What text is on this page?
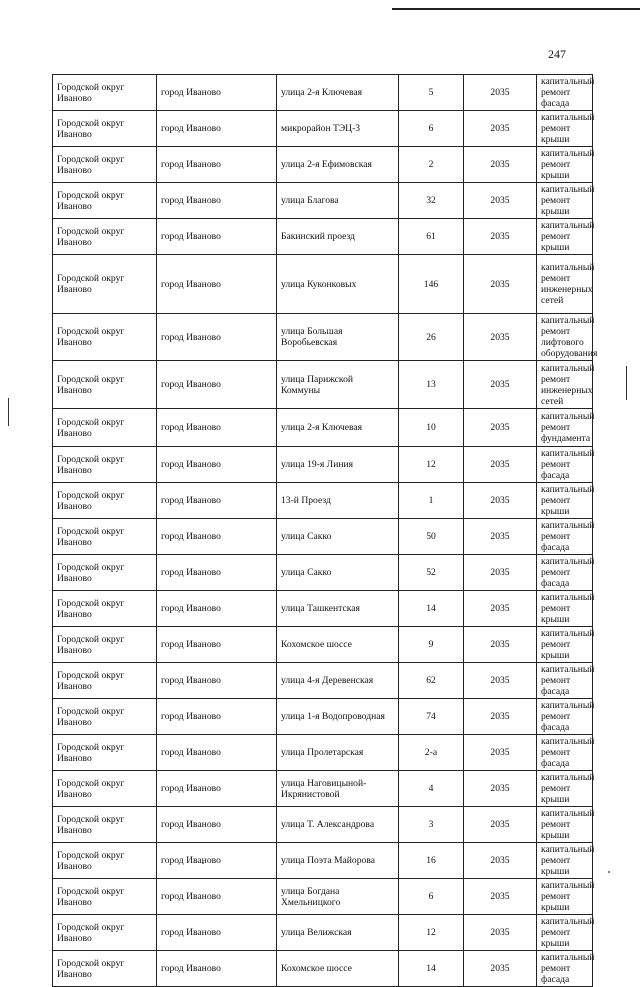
247
Городской округ Иваново	город Иваново	улица 2-я Ключевая	5	2035	капитальный ремонт фасада
Городской округ Иваново	город Иваново	микрорайон ТЭЦ-3	6	2035	капитальный ремонт крыши
Городской округ Иваново	город Иваново	улица 2-я Ефимовская	2	2035	капитальный ремонт крыши
Городской округ Иваново	город Иваново	улица Благова	32	2035	капитальный ремонт крыши
Городской округ Иваново	город Иваново	Бакинский проезд	61	2035	капитальный ремонт крыши
Городской округ Иваново	город Иваново	улица Куконковых	146	2035	капитальный ремонт инженерных сетей
Городской округ Иваново	город Иваново	улица Большая Воробьевская	26	2035	капитальный ремонт лифтового оборудования
Городской округ Иваново	город Иваново	улица Парижской Коммуны	13	2035	капитальный ремонт инженерных сетей
Городской округ Иваново	город Иваново	улица 2-я Ключевая	10	2035	капитальный ремонт фундамента
Городской округ Иваново	город Иваново	улица 19-я Линия	12	2035	капитальный ремонт фасада
Городской округ Иваново	город Иваново	13-й Проезд	1	2035	капитальный ремонт крыши
Городской округ Иваново	город Иваново	улица Сакко	50	2035	капитальный ремонт фасада
Городской округ Иваново	город Иваново	улица Сакко	52	2035	капитальный ремонт фасада
Городской округ Иваново	город Иваново	улица Ташкентская	14	2035	капитальный ремонт крыши
Городской округ Иваново	город Иваново	Кохомское шоссе	9	2035	капитальный ремонт крыши
Городской округ Иваново	город Иваново	улица 4-я Деревенская	62	2035	капитальный ремонт фасада
Городской округ Иваново	город Иваново	улица 1-я Водопроводная	74	2035	капитальный ремонт фасада
Городской округ Иваново	город Иваново	улица Пролетарская	2-а	2035	капитальный ремонт фасада
Городской округ Иваново	город Иваново	улица Наговицыной-Икрянистовой	4	2035	капитальный ремонт крыши
Городской округ Иваново	город Иваново	улица Т. Александрова	3	2035	капитальный ремонт крыши
Городской округ Иваново	город Иваново	улица Поэта Майорова	16	2035	капитальный ремонт крыши
Городской округ Иваново	город Иваново	улица Богдана Хмельницкого	6	2035	капитальный ремонт крыши
Городской округ Иваново	город Иваново	улица Велижская	12	2035	капитальный ремонт крыши
Городской округ Иваново	город Иваново	Кохомское шоссе	14	2035	капитальный ремонт фасада
